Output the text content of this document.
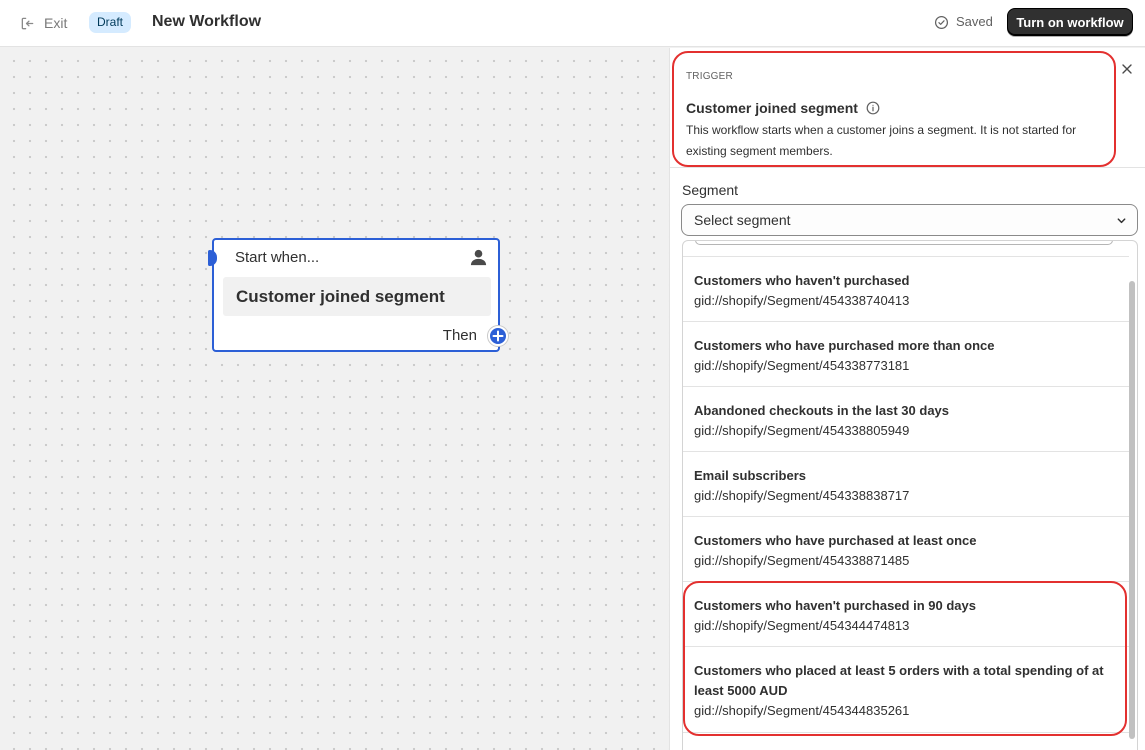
Exit	Draft	New Workflow	Saved	Turn on workflow
Start when...
Customer joined segment
Then
TRIGGER
Customer joined segment

This workflow starts when a customer joins a segment. It is not started for existing segment members.

Segment
Select segment
Customers who haven't purchased
gid://shopify/Segment/454338740413
Customers who have purchased more than once
gid://shopify/Segment/454338773181
Abandoned checkouts in the last 30 days
gid://shopify/Segment/454338805949
Email subscribers
gid://shopify/Segment/454338838717
Customers who have purchased at least once
gid://shopify/Segment/454338871485
Customers who haven't purchased in 90 days
gid://shopify/Segment/454344474813
Customers who placed at least 5 orders with a total spending of at least 5000 AUD
gid://shopify/Segment/454344835261
